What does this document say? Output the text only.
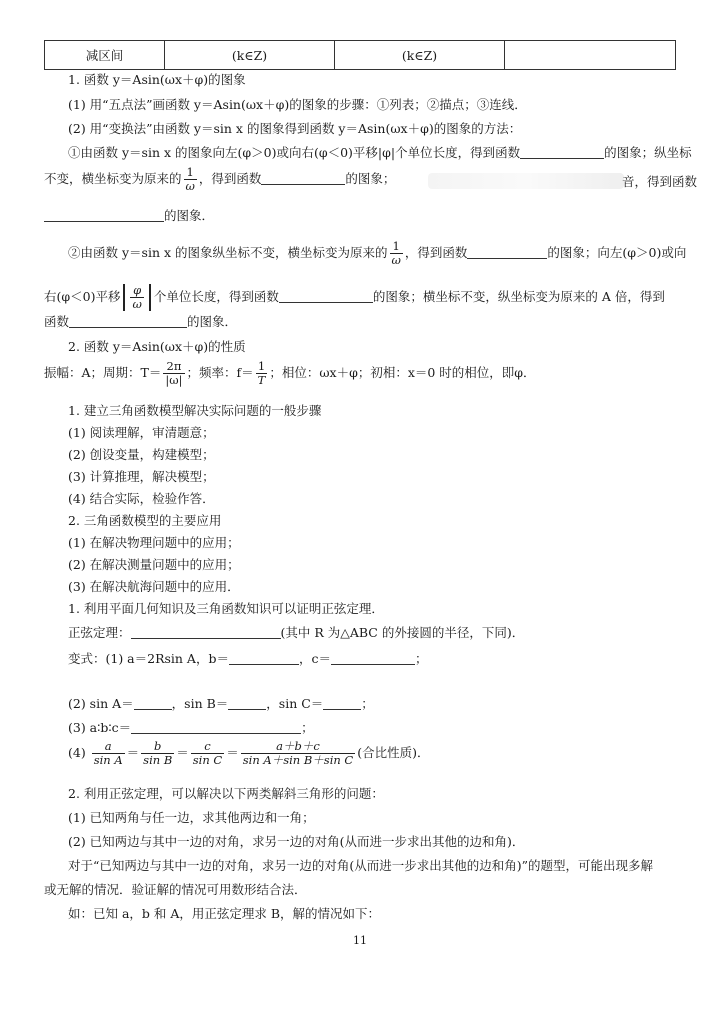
减区间	(k∈Z)	(k∈Z)	
1. 函数 y＝Asin(ωx＋φ)的图象
(1) 用“五点法”画函数 y＝Asin(ωx＋φ)的图象的步骤：①列表；②描点；③连线．
(2) 用“变换法”由函数 y＝sin x 的图象得到函数 y＝Asin(ωx＋φ)的图象的方法：
①由函数 y＝sin x 的图象向左(φ＞0)或向右(φ＜0)平移|φ|个单位长度，得到函数	的图象；纵坐标
不变，横坐标变为原来的 $\frac{1}{\omega}$ ，得到函数	的图象；	音，得到函数
的图象．
②由函数 y＝sin x 的图象纵坐标不变，横坐标变为原来的 $\frac{1}{\omega}$ ，得到函数	的图象；向左(φ＞0)或向
右(φ＜0)平移 $\frac{\varphi}{\omega}$ 个单位长度，得到函数	的图象；横坐标不变，纵坐标变为原来的 A 倍，得到
函数	的图象．
2. 函数 y＝Asin(ωx＋φ)的性质
振幅：A；周期：$T= \frac{2\pi}{|\omega|}$ ；频率：$f= \frac{1}{T}$ ；相位：ωx＋φ；初相：x＝0 时的相位，即φ．
1. 建立三角函数模型解决实际问题的一般步骤
(1) 阅读理解，审清题意；
(2) 创设变量，构建模型；
(3) 计算推理，解决模型；
(4) 结合实际，检验作答．
2. 三角函数模型的主要应用
(1) 在解决物理问题中的应用；
(2) 在解决测量问题中的应用；
(3) 在解决航海问题中的应用．
1. 利用平面几何知识及三角函数知识可以证明正弦定理．
正弦定理：	(其中 R 为△ABC 的外接圆的半径，下同)．
变式：(1) a＝2Rsin A，b＝	，c＝	；
(2) sin A＝	，sin B＝	，sin C＝	；
(3) a∶b∶c＝	；
$(4) \frac{a}{\text{sin A}} = \frac{b}{\text{sin B}} = \frac{c}{\text{sin C}} = \frac{a+b+c}{\text{sin A＋sin B＋sin C}}$ (合比性质)．
2. 利用正弦定理，可以解决以下两类解斜三角形的问题：
(1) 已知两角与任一边，求其他两边和一角；
(2) 已知两边与其中一边的对角，求另一边的对角(从而进一步求出其他的边和角)．
对于“已知两边与其中一边的对角，求另一边的对角(从而进一步求出其他的边和角)”的题型，可能出现多解
或无解的情况．验证解的情况可用数形结合法．
如：已知 a，b 和 A，用正弦定理求 B，解的情况如下：
11
